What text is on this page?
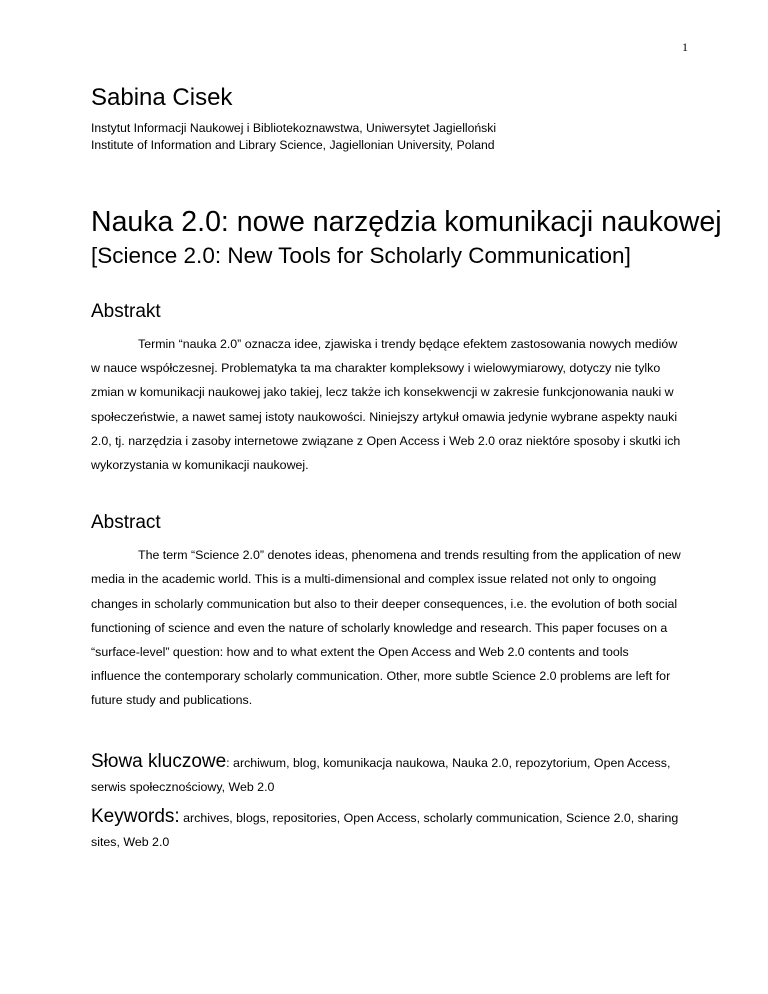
1
Sabina Cisek

Instytut Informacji Naukowej i Bibliotekoznawstwa, Uniwersytet Jagielloński

Institute of Information and Library Science, Jagiellonian University, Poland

Nauka 2.0: nowe narzędzia komunikacji naukowej
[Science 2.0: New Tools for Scholarly Communication]
Abstrakt

Termin “nauka 2.0” oznacza idee, zjawiska i trendy będące efektem zastosowania nowych mediów w nauce współczesnej. Problematyka ta ma charakter kompleksowy i wielowymiarowy, dotyczy nie tylko zmian w komunikacji naukowej jako takiej, lecz także ich konsekwencji w zakresie funkcjonowania nauki w społeczeństwie, a nawet samej istoty naukowości. Niniejszy artykuł omawia jedynie wybrane aspekty nauki 2.0, tj. narzędzia i zasoby internetowe związane z Open Access i Web 2.0 oraz niektóre sposoby i skutki ich wykorzystania w komunikacji naukowej.

Abstract

The term “Science 2.0” denotes ideas, phenomena and trends resulting from the application of new media in the academic world. This is a multi-dimensional and complex issue related not only to ongoing changes in scholarly communication but also to their deeper consequences, i.e. the evolution of both social functioning of science and even the nature of scholarly knowledge and research. This paper focuses on a “surface-level” question: how and to what extent the Open Access and Web 2.0 contents and tools influence the contemporary scholarly communication. Other, more subtle Science 2.0 problems are left for future study and publications.

Słowa kluczowe: archiwum, blog, komunikacja naukowa, Nauka 2.0, repozytorium, Open Access, serwis społecznościowy, Web 2.0

Keywords: archives, blogs, repositories, Open Access, scholarly communication, Science 2.0, sharing sites, Web 2.0
